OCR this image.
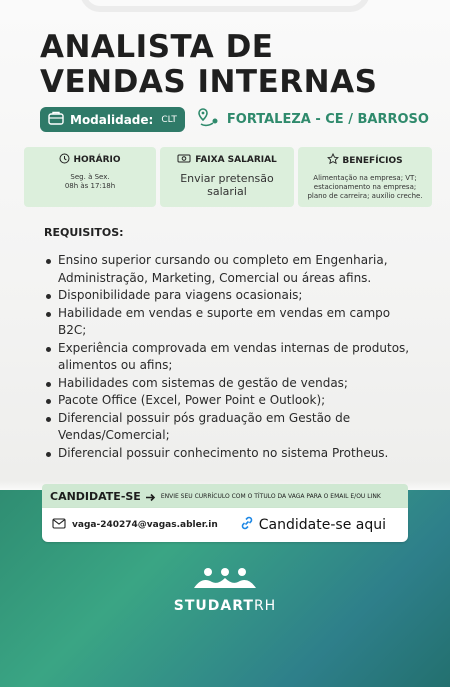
ANALISTA DE
VENDAS INTERNAS
Modalidade: CLT	FORTALEZA - CE / BARROSO
HORÁRIO
Seg. à Sex.
08h às 17:18h
FAIXA SALARIAL
Enviar pretensão
salarial
BENEFÍCIOS
Alimentação na empresa; VT;
estacionamento na empresa;
plano de carreira; auxílio creche.
REQUISITOS:
Ensino superior cursando ou completo em Engenharia, Administração, Marketing, Comercial ou áreas afins.
Disponibilidade para viagens ocasionais;
Habilidade em vendas e suporte em vendas em campo B2C;
Experiência comprovada em vendas internas de produtos, alimentos ou afins;
Habilidades com sistemas de gestão de vendas;
Pacote Office (Excel, Power Point e Outlook);
Diferencial possuir pós graduação em Gestão de Vendas/Comercial;
Diferencial possuir conhecimento no sistema Protheus.
CANDIDATE-SE	ENVIE SEU CURRÍCULO COM O TÍTULO DA VAGA PARA O EMAIL E/OU LINK
vaga-240274@vagas.abler.in	Candidate-se aqui
STUDARTRH
